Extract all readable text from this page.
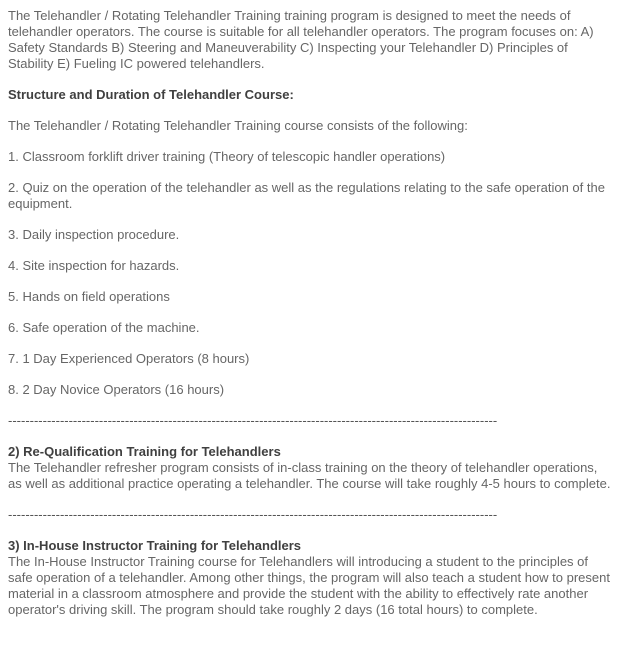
The Telehandler / Rotating Telehandler Training training program is designed to meet the needs of telehandler operators. The course is suitable for all telehandler operators. The program focuses on: A) Safety Standards B) Steering and Maneuverability C) Inspecting your Telehandler D) Principles of Stability E) Fueling IC powered telehandlers.

Structure and Duration of Telehandler Course:

The Telehandler / Rotating Telehandler Training course consists of the following:

1. Classroom forklift driver training (Theory of telescopic handler operations)

2. Quiz on the operation of the telehandler as well as the regulations relating to the safe operation of the equipment.

3. Daily inspection procedure.

4. Site inspection for hazards.

5. Hands on field operations

6. Safe operation of the machine.

7. 1 Day Experienced Operators (8 hours)

8. 2 Day Novice Operators (16 hours)

-----------------------------------------------------------------------------------------------------------------

2) Re-Qualification Training for Telehandlers
The Telehandler refresher program consists of in-class training on the theory of telehandler operations, as well as additional practice operating a telehandler. The course will take roughly 4-5 hours to complete.

-----------------------------------------------------------------------------------------------------------------

3) In-House Instructor Training for Telehandlers
The In-House Instructor Training course for Telehandlers will introducing a student to the principles of safe operation of a telehandler. Among other things, the program will also teach a student how to present material in a classroom atmosphere and provide the student with the ability to effectively rate another operator's driving skill. The program should take roughly 2 days (16 total hours) to complete.
